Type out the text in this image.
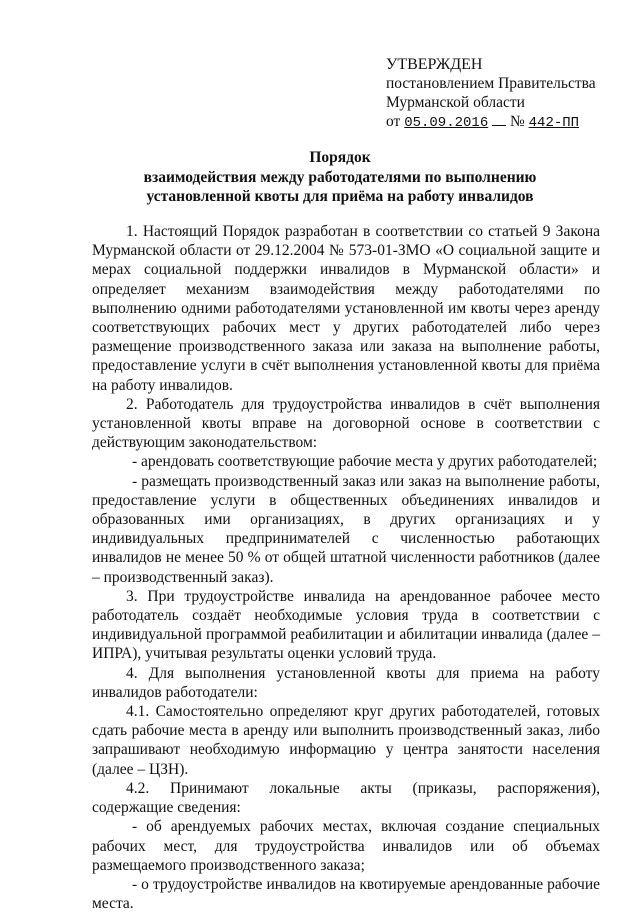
УТВЕРЖДЕН
постановлением Правительства
Мурманской области
от 05.09.2016 № 442-ПП
Порядок
взаимодействия между работодателями по выполнению
установленной квоты для приёма на работу инвалидов

1. Настоящий Порядок разработан в соответствии со статьей 9 Закона Мурманской области от 29.12.2004 № 573-01-ЗМО «О социальной защите и мерах социальной поддержки инвалидов в Мурманской области» и определяет механизм взаимодействия между работодателями по выполнению одними работодателями установленной им квоты через аренду соответствующих рабочих мест у других работодателей либо через размещение производственного заказа или заказа на выполнение работы, предоставление услуги в счёт выполнения установленной квоты для приёма на работу инвалидов.

2. Работодатель для трудоустройства инвалидов в счёт выполнения установленной квоты вправе на договорной основе в соответствии с действующим законодательством:

- арендовать соответствующие рабочие места у других работодателей;

- размещать производственный заказ или заказ на выполнение работы, предоставление услуги в общественных объединениях инвалидов и образованных ими организациях, в других организациях и у индивидуальных предпринимателей с численностью работающих инвалидов не менее 50 % от общей штатной численности работников (далее – производственный заказ).

3. При трудоустройстве инвалида на арендованное рабочее место работодатель создаёт необходимые условия труда в соответствии с индивидуальной программой реабилитации и абилитации инвалида (далее – ИПРА), учитывая результаты оценки условий труда.

4. Для выполнения установленной квоты для приема на работу инвалидов работодатели:

4.1. Самостоятельно определяют круг других работодателей, готовых сдать рабочие места в аренду или выполнить производственный заказ, либо запрашивают необходимую информацию у центра занятости населения (далее – ЦЗН).

4.2. Принимают локальные акты (приказы, распоряжения), содержащие сведения:

- об арендуемых рабочих местах, включая создание специальных рабочих мест, для трудоустройства инвалидов или об объемах размещаемого производственного заказа;

- о трудоустройстве инвалидов на квотируемые арендованные рабочие места.
